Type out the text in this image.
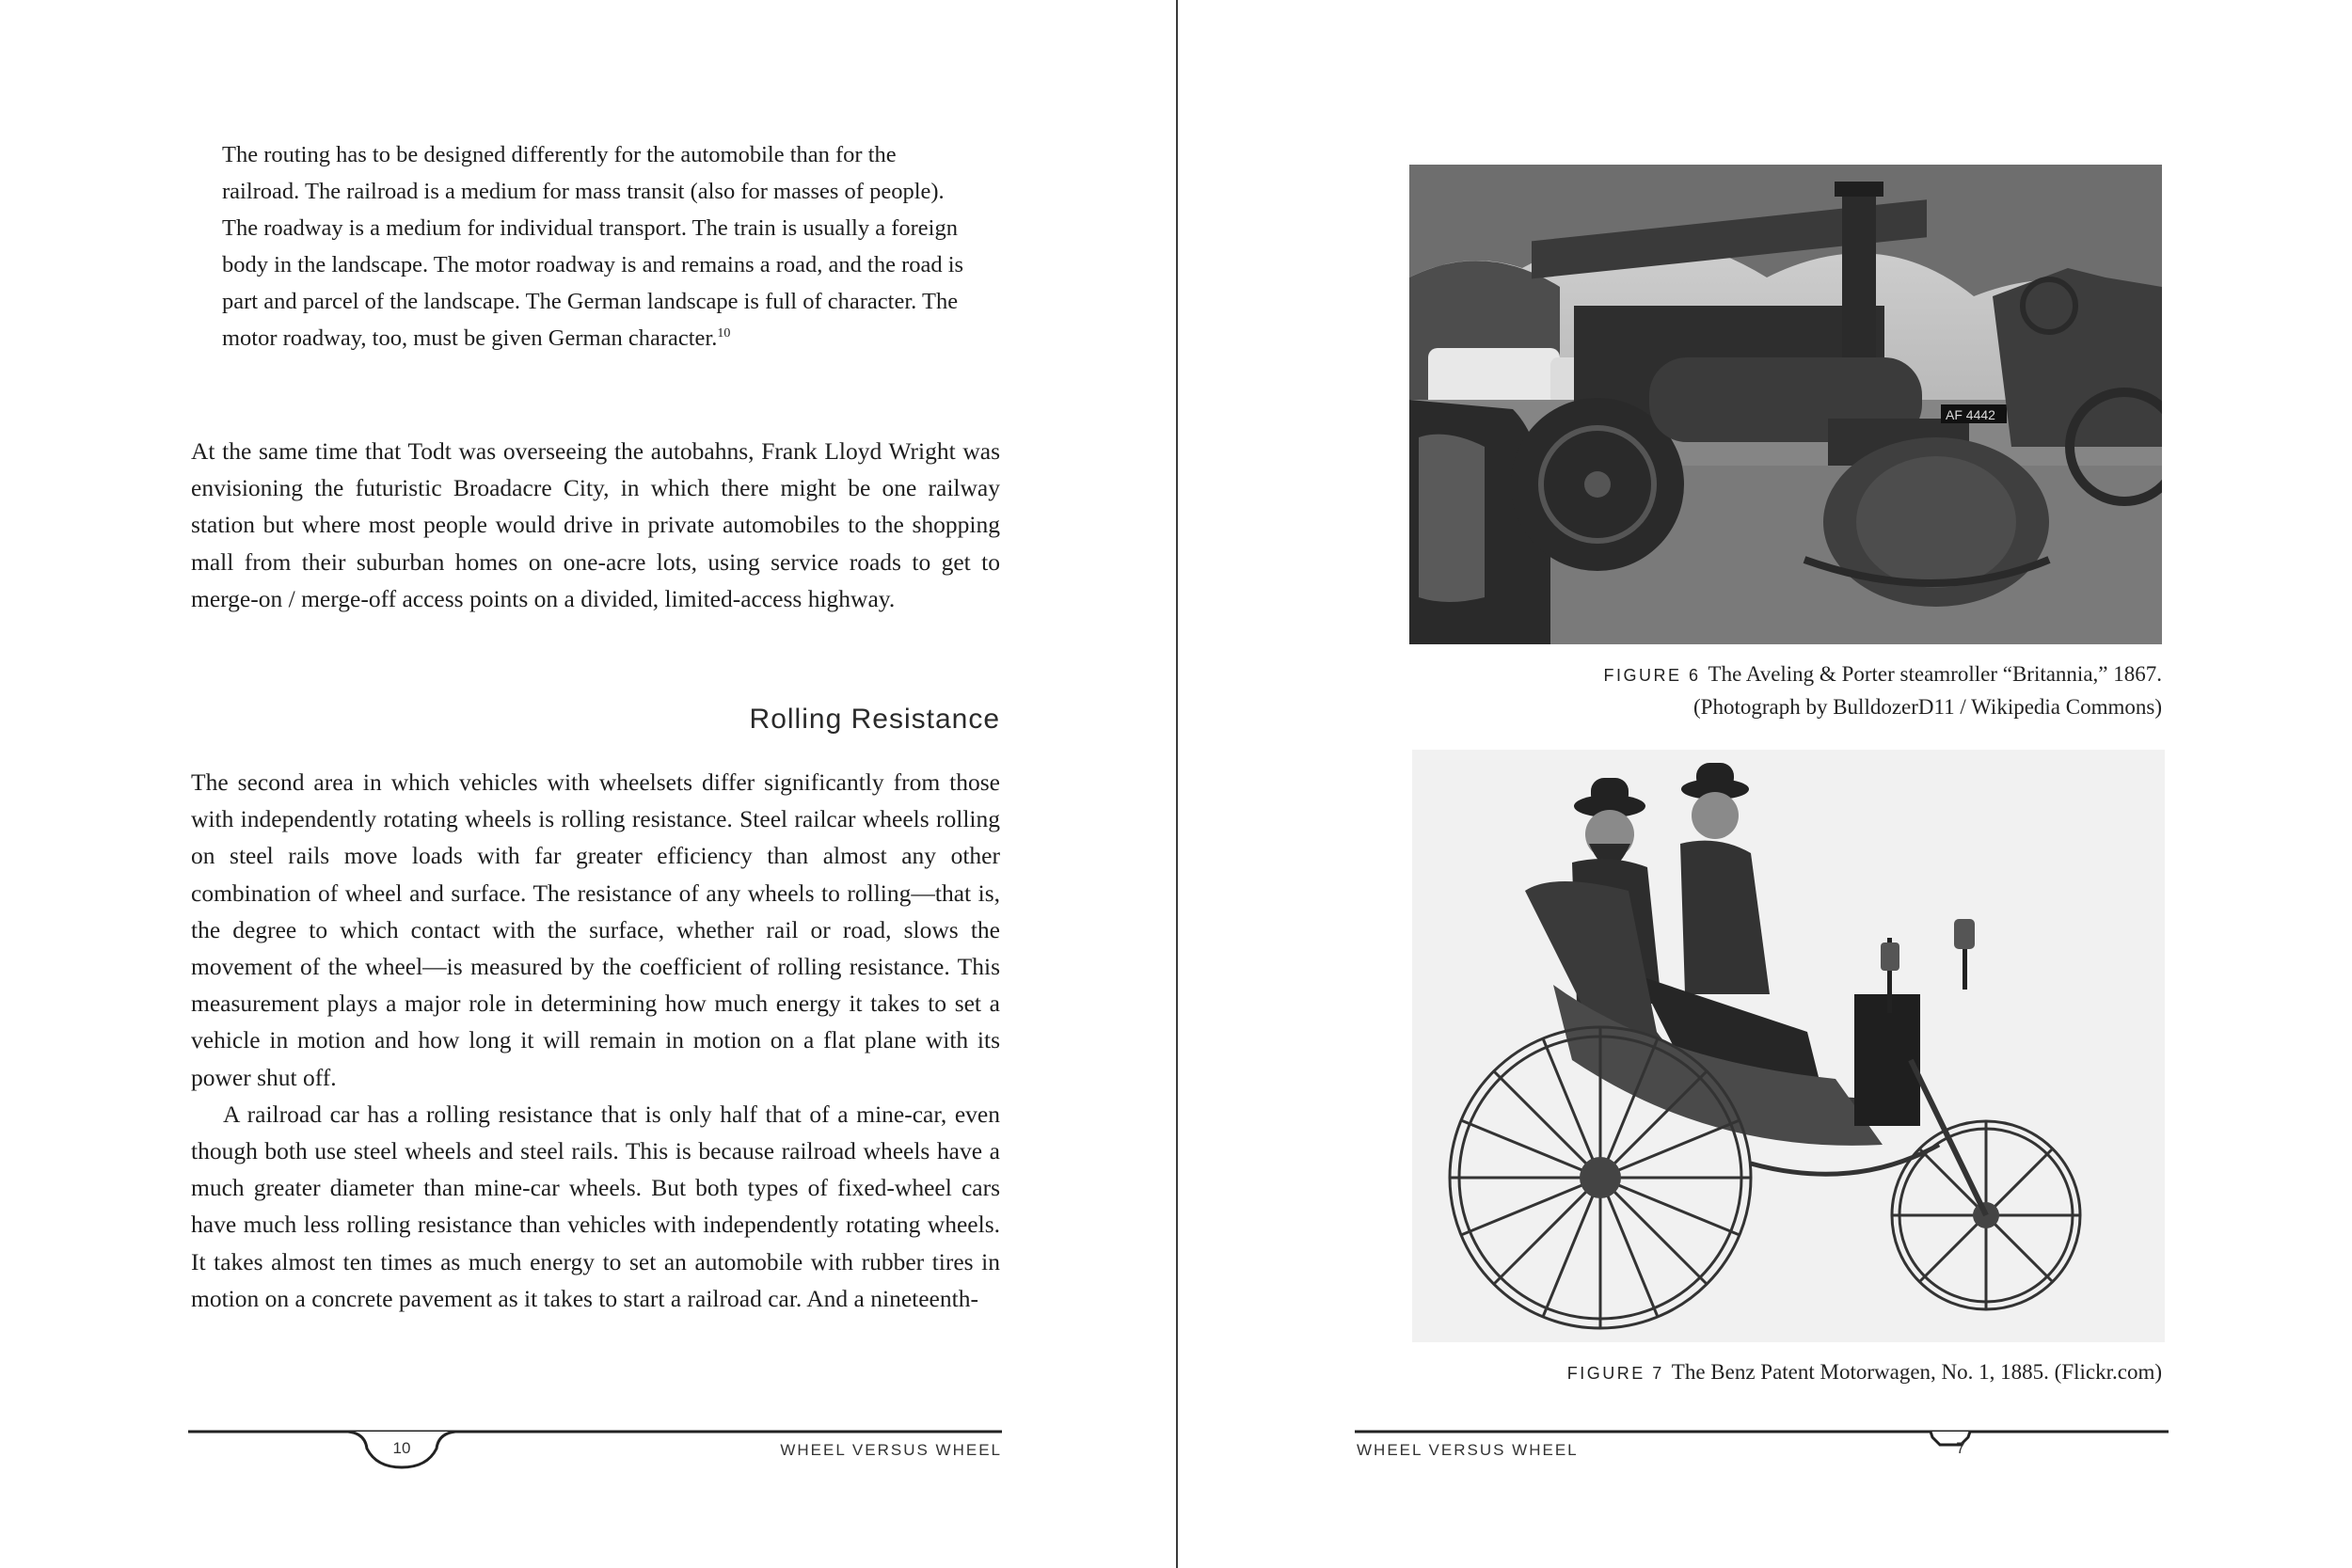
The routing has to be designed differently for the automobile than for the railroad. The railroad is a medium for mass transit (also for masses of people). The roadway is a medium for individual transport. The train is usually a foreign body in the landscape. The motor roadway is and remains a road, and the road is part and parcel of the landscape. The German landscape is full of character. The motor roadway, too, must be given German character.$^{10}$

At the same time that Todt was overseeing the autobahns, Frank Lloyd Wright was envisioning the futuristic Broadacre City, in which there might be one railway station but where most people would drive in private automobiles to the shopping mall from their suburban homes on one-acre lots, using service roads to get to merge-on / merge-off access points on a divided, limited-access highway.

Rolling Resistance

The second area in which vehicles with wheelsets differ significantly from those with independently rotating wheels is rolling resistance. Steel railcar wheels rolling on steel rails move loads with far greater efficiency than almost any other combination of wheel and surface. The resistance of any wheels to rolling—that is, the degree to which contact with the surface, whether rail or road, slows the movement of the wheel—is measured by the coefficient of rolling resistance. This measurement plays a major role in determining how much energy it takes to set a vehicle in motion and how long it will remain in motion on a flat plane with its power shut off.

A railroad car has a rolling resistance that is only half that of a mine-car, even though both use steel wheels and steel rails. This is because railroad wheels have a much greater diameter than mine-car wheels. But both types of fixed-wheel cars have much less rolling resistance than vehicles with independently rotating wheels. It takes almost ten times as much energy to set an automobile with rubber tires in motion on a concrete pavement as it takes to start a railroad car. And a nineteenth-

10	WHEEL VERSUS WHEEL
AF 4442
FIGURE 6 The Aveling & Porter steamroller “Britannia,” 1867.
(Photograph by BulldozerD11 / Wikipedia Commons)
FIGURE 7 The Benz Patent Motorwagen, No. 1, 1885. (Flickr.com)
WHEEL VERSUS WHEEL	7
